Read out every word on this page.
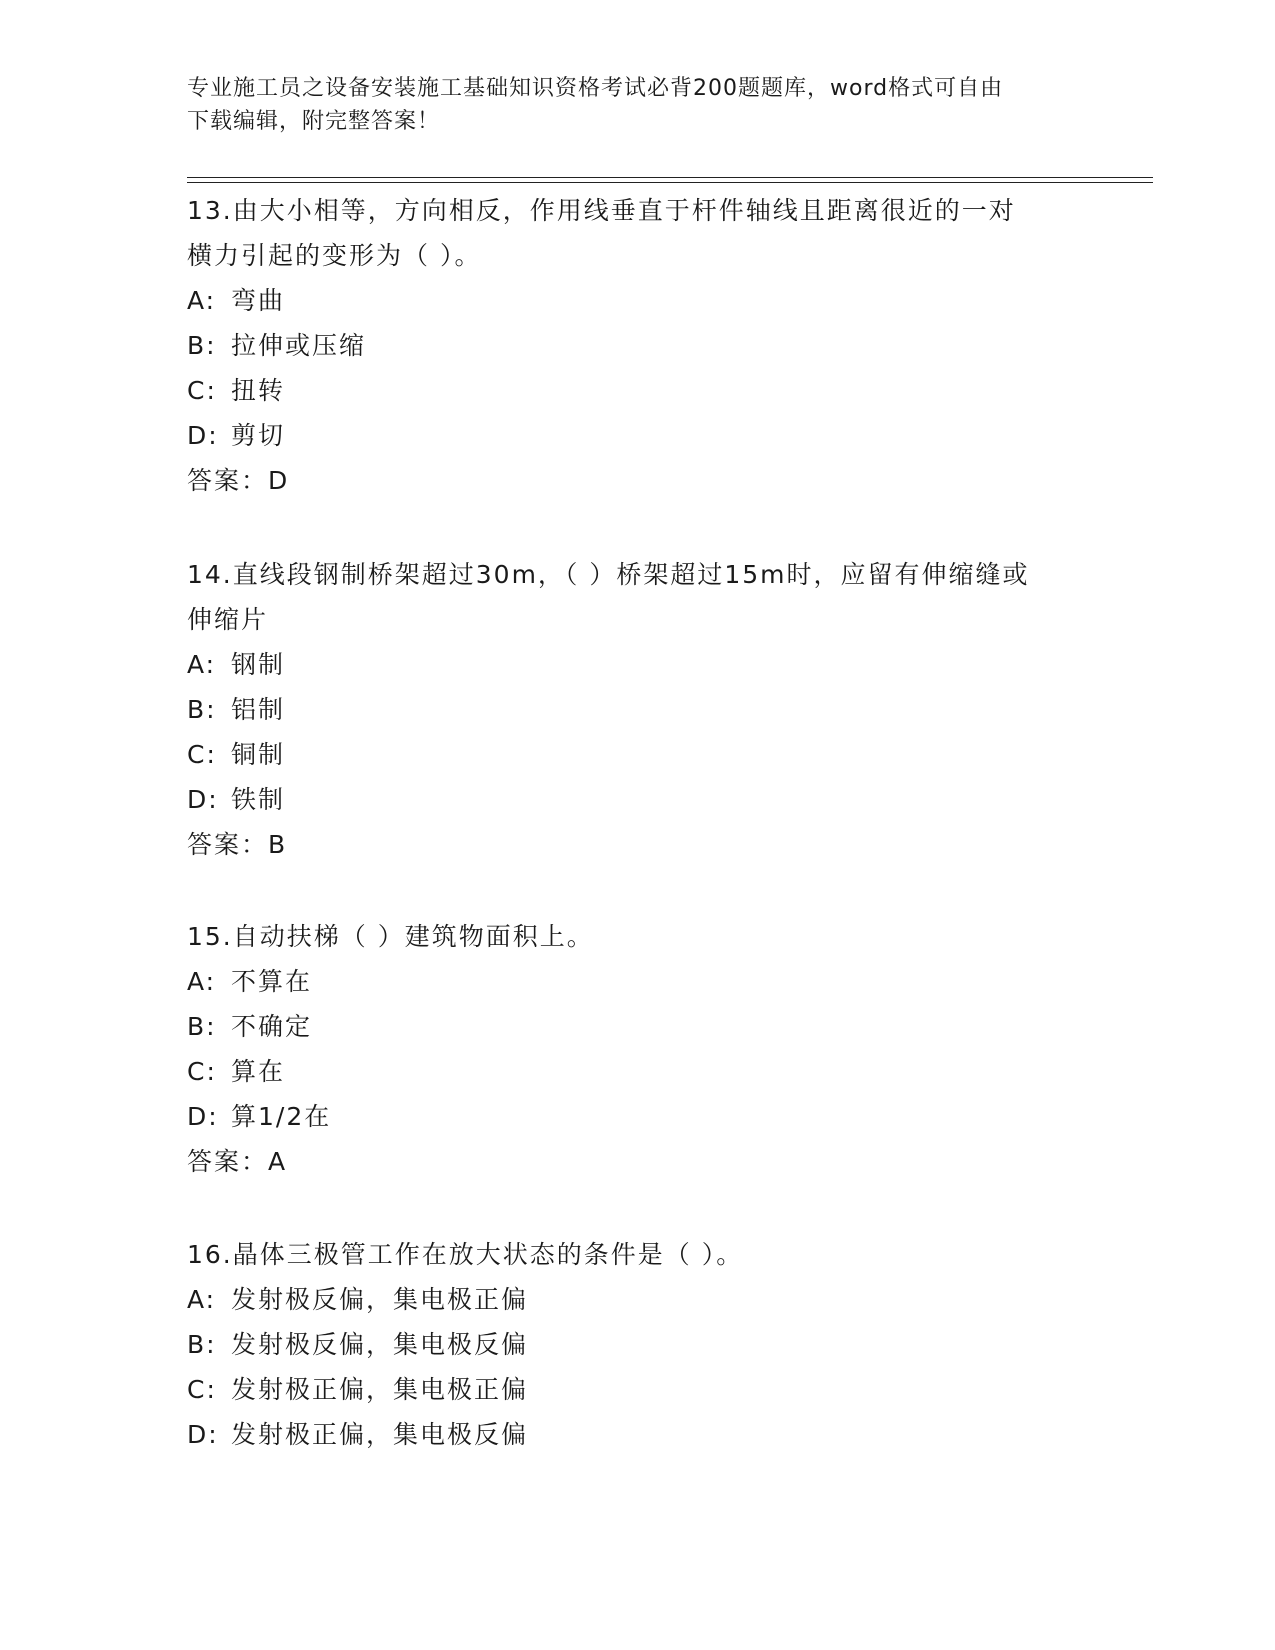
专业施工员之设备安装施工基础知识资格考试必背200题题库，word格式可自由
下载编辑，附完整答案！
13.由大小相等，方向相反，作用线垂直于杆件轴线且距离很近的一对
横力引起的变形为（ ）。
A: 弯曲
B: 拉伸或压缩
C: 扭转
D: 剪切
答案：D
14.直线段钢制桥架超过30m，（ ）桥架超过15m时，应留有伸缩缝或
伸缩片
A: 钢制
B: 铝制
C: 铜制
D: 铁制
答案：B
15.自动扶梯（ ）建筑物面积上。
A: 不算在
B: 不确定
C: 算在
D: 算1/2在
答案：A
16.晶体三极管工作在放大状态的条件是（ ）。
A: 发射极反偏，集电极正偏
B: 发射极反偏，集电极反偏
C: 发射极正偏，集电极正偏
D: 发射极正偏，集电极反偏
